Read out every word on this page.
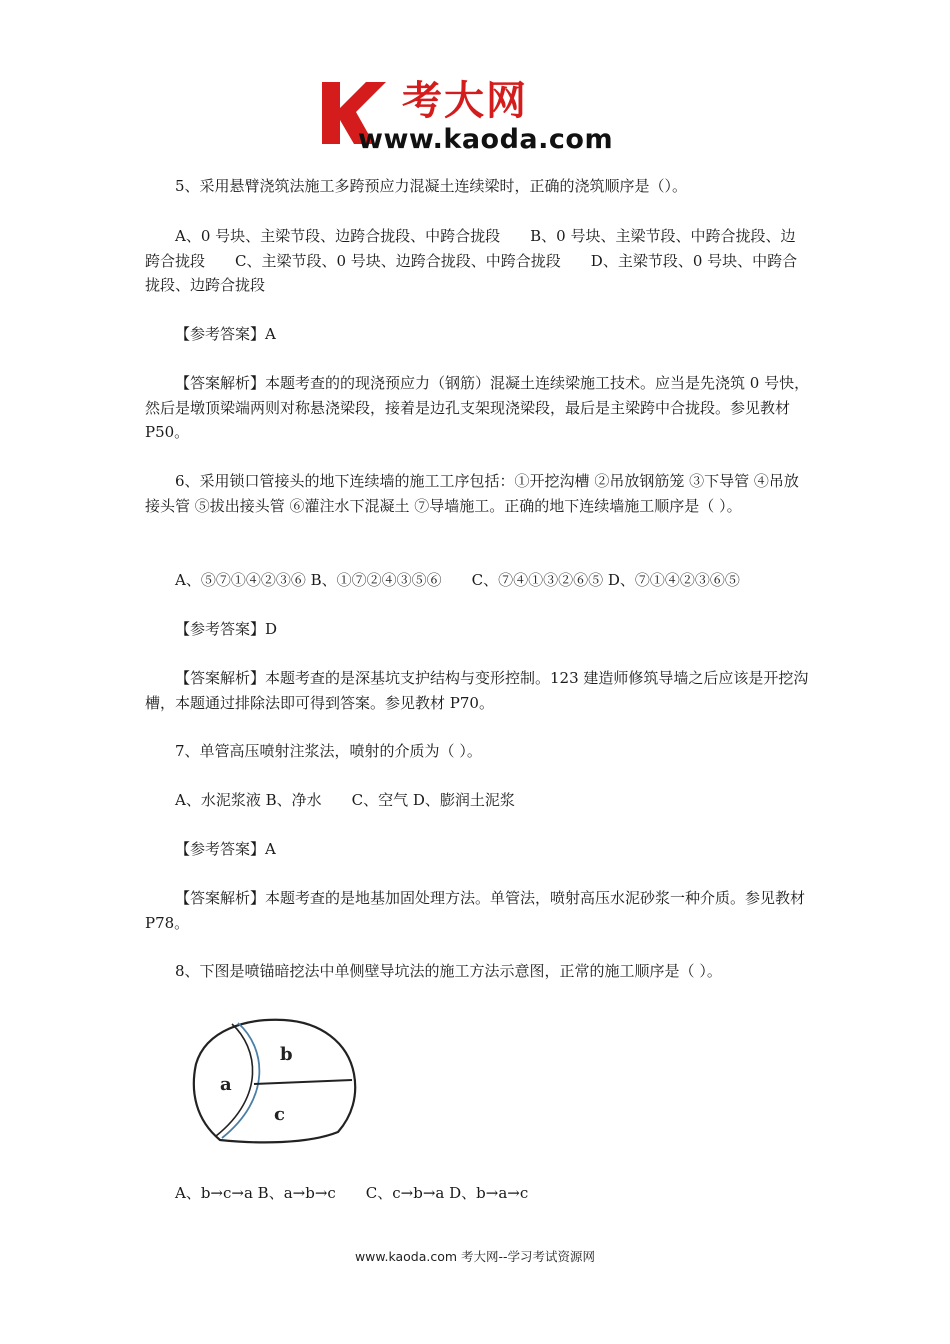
考大网
www.kaoda.com
5、采用悬臂浇筑法施工多跨预应力混凝土连续梁时，正确的浇筑顺序是（）。
A、0 号块、主梁节段、边跨合拢段、中跨合拢段　　B、0 号块、主梁节段、中跨合拢段、边跨合拢段　　C、主梁节段、0 号块、边跨合拢段、中跨合拢段　　D、主梁节段、0 号块、中跨合拢段、边跨合拢段
【参考答案】A
【答案解析】本题考查的的现浇预应力（钢筋）混凝土连续梁施工技术。应当是先浇筑 0 号快，然后是墩顶梁端两则对称悬浇梁段，接着是边孔支架现浇梁段，最后是主梁跨中合拢段。参见教材 P50。
6、采用锁口管接头的地下连续墙的施工工序包括：①开挖沟槽 ②吊放钢筋笼 ③下导管 ④吊放接头管 ⑤拔出接头管 ⑥灌注水下混凝土 ⑦导墙施工。正确的地下连续墙施工顺序是（ ）。
A、⑤⑦①④②③⑥ B、①⑦②④③⑤⑥　　C、⑦④①③②⑥⑤ D、⑦①④②③⑥⑤
【参考答案】D
【答案解析】本题考查的是深基坑支护结构与变形控制。123 建造师修筑导墙之后应该是开挖沟槽，本题通过排除法即可得到答案。参见教材 P70。
7、单管高压喷射注浆法，喷射的介质为（ ）。
A、水泥浆液 B、净水　　C、空气 D、膨润土泥浆
【参考答案】A
【答案解析】本题考查的是地基加固处理方法。单管法，喷射高压水泥砂浆一种介质。参见教材 P78。
8、下图是喷锚暗挖法中单侧壁导坑法的施工方法示意图，正常的施工顺序是（ ）。
a
b
c
A、b→c→a B、a→b→c　　C、c→b→a D、b→a→c
www.kaoda.com 考大网--学习考试资源网
